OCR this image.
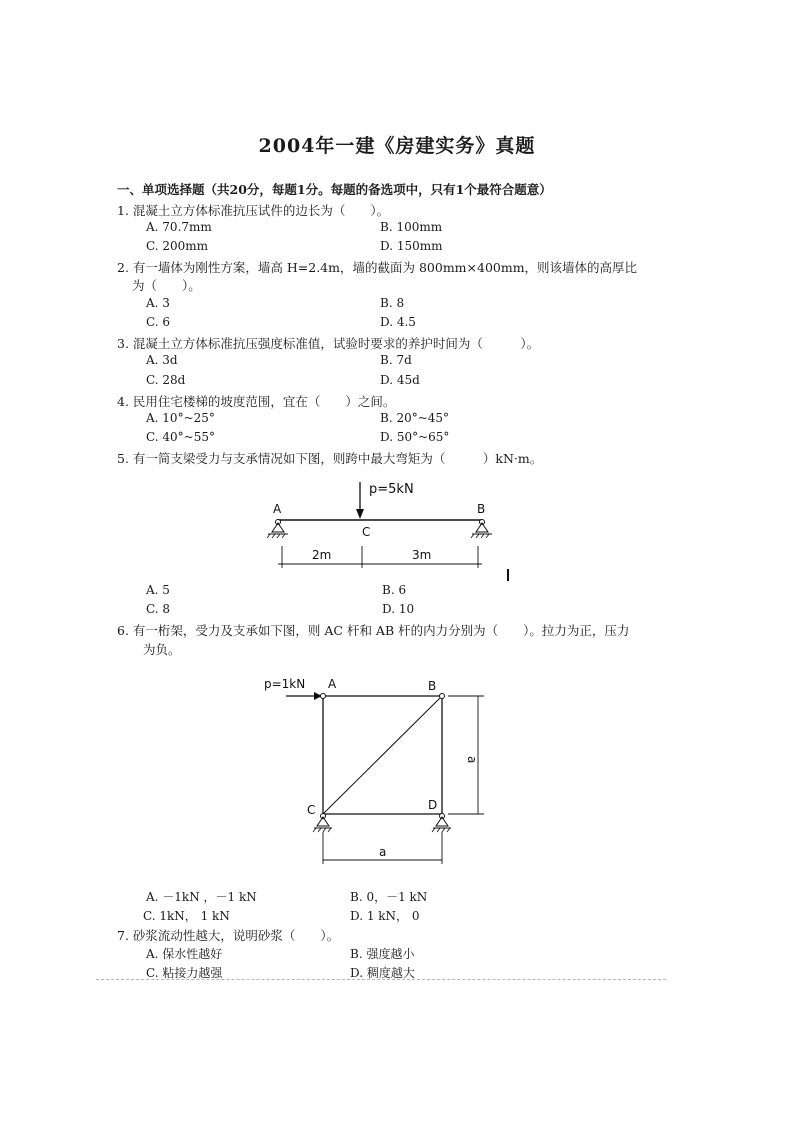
2004年一建《房建实务》真题
一、单项选择题（共20分，每题1分。每题的备选项中，只有1个最符合题意）
1. 混凝土立方体标准抗压试件的边长为（　　）。
A. 70.7mm	B. 100mm
C. 200mm	D. 150mm
2. 有一墙体为刚性方案，墙高 H=2.4m，墙的截面为 800mm×400mm，则该墙体的高厚比
为（　　）。
A. 3	B. 8
C. 6	D. 4.5
3. 混凝土立方体标准抗压强度标准值，试验时要求的养护时间为（　　　）。
A. 3d	B. 7d
C. 28d	D. 45d
4. 民用住宅楼梯的坡度范围，宜在（　　）之间。
A. 10°~25°	B. 20°~45°
C. 40°~55°	D. 50°~65°
5. 有一简支梁受力与支承情况如下图，则跨中最大弯矩为（　　　）kN·m。
p=5kN
A	B
C
2m	3m
A. 5	B. 6
C. 8	D. 10
6. 有一桁架，受力及支承如下图，则 AC 杆和 AB 杆的内力分别为（　　）。拉力为正，压力
为负。
p=1kN A	B
C	D
a
a
A. －1kN ，－1 kN	B. 0，－1 kN
C. 1kN， 1 kN	D. 1 kN， 0
7. 砂浆流动性越大，说明砂浆（　　）。
A. 保水性越好	B. 强度越小
C. 粘接力越强	D. 稠度越大
